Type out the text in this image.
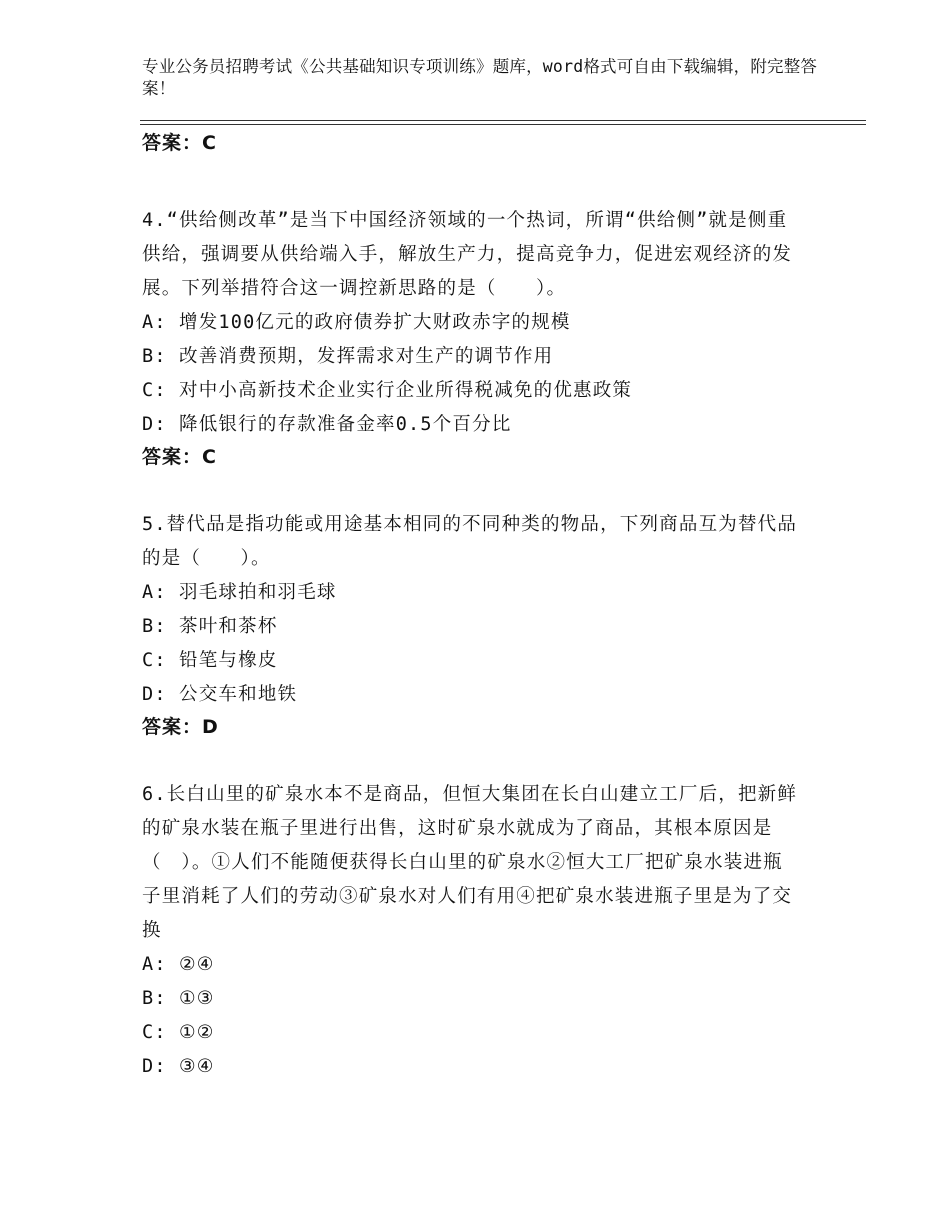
专业公务员招聘考试《公共基础知识专项训练》题库，word格式可自由下载编辑，附完整答案！
答案：C
4.“供给侧改革”是当下中国经济领域的一个热词，所谓“供给侧”就是侧重供给，强调要从供给端入手，解放生产力，提高竞争力，促进宏观经济的发展。下列举措符合这一调控新思路的是（　　）。
A: 增发100亿元的政府债券扩大财政赤字的规模
B: 改善消费预期，发挥需求对生产的调节作用
C: 对中小高新技术企业实行企业所得税减免的优惠政策
D: 降低银行的存款准备金率0.5个百分比
答案：C
5.替代品是指功能或用途基本相同的不同种类的物品，下列商品互为替代品的是（　　）。
A: 羽毛球拍和羽毛球
B: 茶叶和茶杯
C: 铅笔与橡皮
D: 公交车和地铁
答案：D
6.长白山里的矿泉水本不是商品，但恒大集团在长白山建立工厂后，把新鲜的矿泉水装在瓶子里进行出售，这时矿泉水就成为了商品，其根本原因是（　）。①人们不能随便获得长白山里的矿泉水②恒大工厂把矿泉水装进瓶子里消耗了人们的劳动③矿泉水对人们有用④把矿泉水装进瓶子里是为了交换
A: ②④
B: ①③
C: ①②
D: ③④
